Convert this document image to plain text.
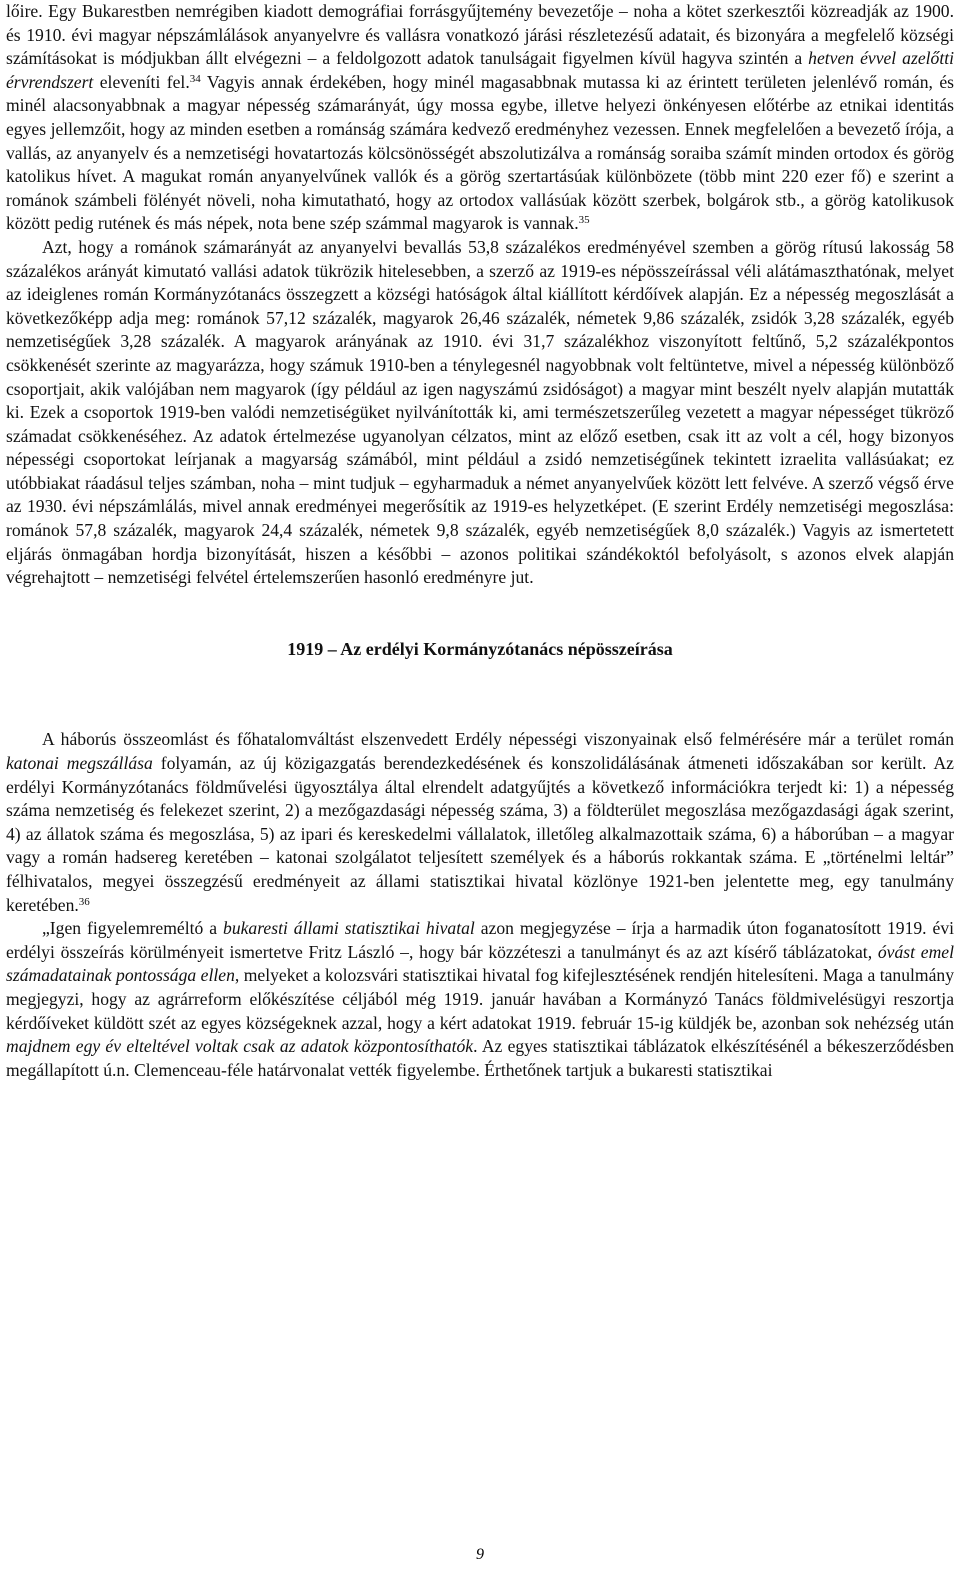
lőire. Egy Bukarestben nemrégiben kiadott demográfiai forrásgyűjtemény bevezetője – noha a kötet szerkesztői közreadják az 1900. és 1910. évi magyar népszámlálások anyanyelvre és vallásra vonatkozó járási részletezésű adatait, és bizonyára a megfelelő községi számításokat is módjukban állt elvégezni – a feldolgozott adatok tanulságait figyelmen kívül hagyva szintén a hetven évvel azelőtti érvrendszert eleveníti fel.$^{34}$ Vagyis annak érdekében, hogy minél magasabbnak mutassa ki az érintett területen jelenlévő román, és minél alacsonyabbnak a magyar népesség számarányát, úgy mossa egybe, illetve helyezi önkényesen előtérbe az etnikai identitás egyes jellemzőit, hogy az minden esetben a románság számára kedvező eredményhez vezessen. Ennek megfelelően a bevezető írója, a vallás, az anyanyelv és a nemzetiségi hovatartozás kölcsönösségét abszolutizálva a románság soraiba számít minden ortodox és görög katolikus hívet. A magukat román anyanyelvűnek vallók és a görög szertartásúak különbözete (több mint 220 ezer fő) e szerint a románok számbeli fölényét növeli, noha kimutatható, hogy az ortodox vallásúak között szerbek, bolgárok stb., a görög katolikusok között pedig rutének és más népek, nota bene szép számmal magyarok is vannak.$^{35}$

Azt, hogy a románok számarányát az anyanyelvi bevallás 53,8 százalékos eredményével szemben a görög rítusú lakosság 58 százalékos arányát kimutató vallási adatok tükrözik hitelesebben, a szerző az 1919-es népösszeírással véli alátámaszthatónak, melyet az ideiglenes román Kormányzótanács összegzett a községi hatóságok által kiállított kérdőívek alapján. Ez a népesség megoszlását a következőképp adja meg: románok 57,12 százalék, magyarok 26,46 százalék, németek 9,86 százalék, zsidók 3,28 százalék, egyéb nemzetiségűek 3,28 százalék. A magyarok arányának az 1910. évi 31,7 százalékhoz viszonyított feltűnő, 5,2 százalékpontos csökkenését szerinte az magyarázza, hogy számuk 1910-ben a ténylegesnél nagyobbnak volt feltüntetve, mivel a népesség különböző csoportjait, akik valójában nem magyarok (így például az igen nagyszámú zsidóságot) a magyar mint beszélt nyelv alapján mutatták ki. Ezek a csoportok 1919-ben valódi nemzetiségüket nyilvánították ki, ami természetszerűleg vezetett a magyar népességet tükröző számadat csökkenéséhez. Az adatok értelmezése ugyanolyan célzatos, mint az előző esetben, csak itt az volt a cél, hogy bizonyos népességi csoportokat leírjanak a magyarság számából, mint például a zsidó nemzetiségűnek tekintett izraelita vallásúakat; ez utóbbiakat ráadásul teljes számban, noha – mint tudjuk – egyharmaduk a német anyanyelvűek között lett felvéve. A szerző végső érve az 1930. évi népszámlálás, mivel annak eredményei megerősítik az 1919-es helyzetképet. (E szerint Erdély nemzetiségi megoszlása: románok 57,8 százalék, magyarok 24,4 százalék, németek 9,8 százalék, egyéb nemzetiségűek 8,0 százalék.) Vagyis az ismertetett eljárás önmagában hordja bizonyítását, hiszen a későbbi – azonos politikai szándékoktól befolyásolt, s azonos elvek alapján végrehajtott – nemzetiségi felvétel értelemszerűen hasonló eredményre jut.

1919 – Az erdélyi Kormányzótanács népösszeírása

A háborús összeomlást és főhatalomváltást elszenvedett Erdély népességi viszonyainak első felmérésére már a terület román katonai megszállása folyamán, az új közigazgatás berendezkedésének és konszolidálásának átmeneti időszakában sor került. Az erdélyi Kormányzótanács földművelési ügyosztálya által elrendelt adatgyűjtés a következő információkra terjedt ki: 1) a népesség száma nemzetiség és felekezet szerint, 2) a mezőgazdasági népesség száma, 3) a földterület megoszlása mezőgazdasági ágak szerint, 4) az állatok száma és megoszlása, 5) az ipari és kereskedelmi vállalatok, illetőleg alkalmazottaik száma, 6) a háborúban – a magyar vagy a román hadsereg keretében – katonai szolgálatot teljesített személyek és a háborús rokkantak száma. E „történelmi leltár” félhivatalos, megyei összegzésű eredményeit az állami statisztikai hivatal közlönye 1921-ben jelentette meg, egy tanulmány keretében.$^{36}$

„Igen figyelemreméltó a bukaresti állami statisztikai hivatal azon megjegyzése – írja a harmadik úton foganatosított 1919. évi erdélyi összeírás körülményeit ismertetve Fritz László –, hogy bár közzéteszi a tanulmányt és az azt kísérő táblázatokat, óvást emel számadatainak pontossága ellen, melyeket a kolozsvári statisztikai hivatal fog kifejlesztésének rendjén hitelesíteni. Maga a tanulmány megjegyzi, hogy az agrárreform előkészítése céljából még 1919. január havában a Kormányzó Tanács földmivelésügyi reszortja kérdőíveket küldött szét az egyes községeknek azzal, hogy a kért adatokat 1919. február 15-ig küldjék be, azonban sok nehézség után majdnem egy év elteltével voltak csak az adatok központosíthatók. Az egyes statisztikai táblázatok elkészítésénél a békeszerződésben megállapított ú.n. Clemenceau-féle határvonalat vették figyelembe. Érthetőnek tartjuk a bukaresti statisztikai

9
